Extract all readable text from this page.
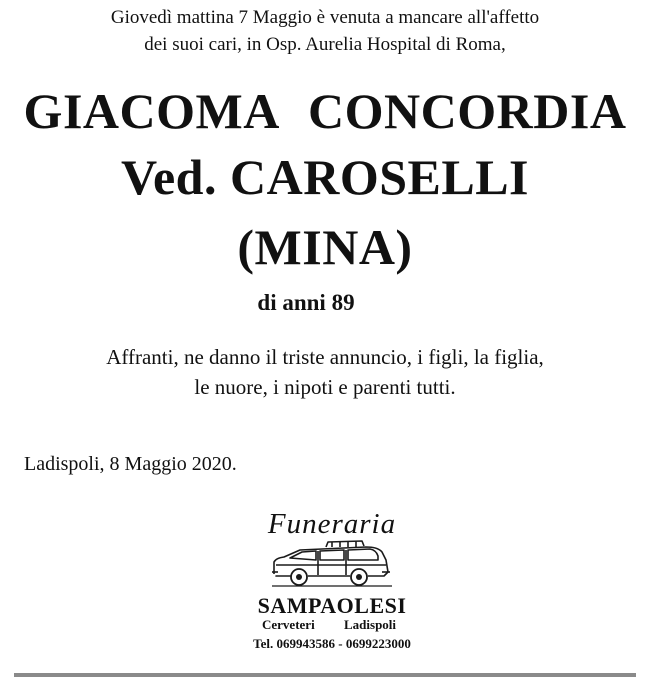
Giovedì mattina 7 Maggio è venuta a mancare all'affetto
dei suoi cari, in Osp. Aurelia Hospital di Roma,
GIACOMA CONCORDIA
Ved. CAROSELLI
(MINA)
di anni 89
Affranti, ne danno il triste annuncio, i figli, la figlia,
le nuore, i nipoti e parenti tutti.
Ladispoli, 8 Maggio 2020.
Funeraria
SAMPAOLESI
Cerveteri Ladispoli
Tel. 069943586 - 0699223000
